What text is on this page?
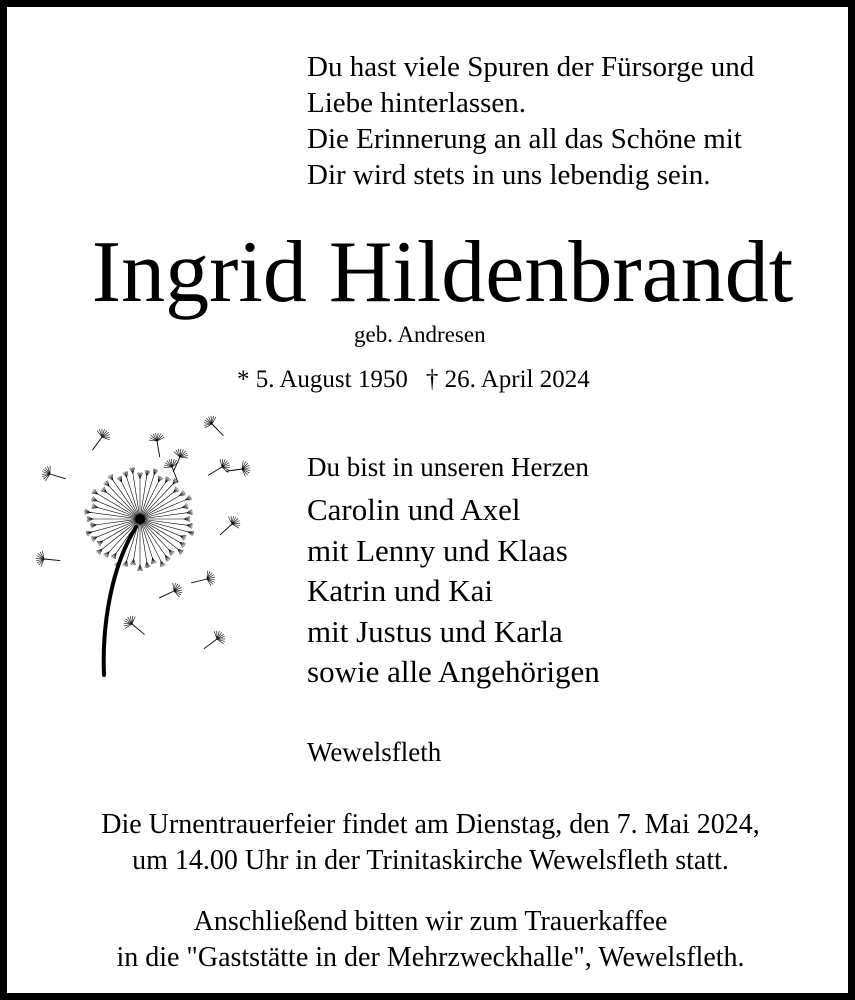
Du hast viele Spuren der Fürsorge und
Liebe hinterlassen.
Die Erinnerung an all das Schöne mit
Dir wird stets in uns lebendig sein.
Ingrid Hildenbrandt
geb. Andresen
* 5. August 1950 † 26. April 2024
Du bist in unseren Herzen
Carolin und Axel
mit Lenny und Klaas
Katrin und Kai
mit Justus und Karla
sowie alle Angehörigen
Wewelsfleth
Die Urnentrauerfeier findet am Dienstag, den 7. Mai 2024,
um 14.00 Uhr in der Trinitaskirche Wewelsfleth statt.
Anschließend bitten wir zum Trauerkaffee
in die "Gaststätte in der Mehrzweckhalle", Wewelsfleth.
